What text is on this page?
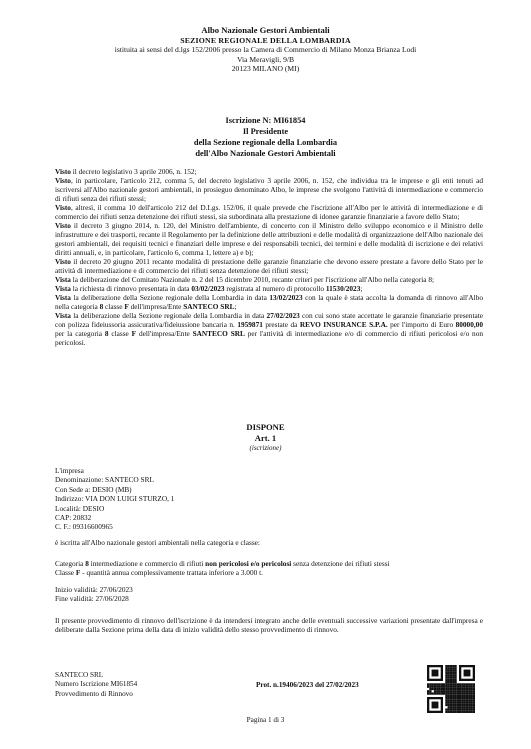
Albo Nazionale Gestori Ambientali
SEZIONE REGIONALE DELLA LOMBARDIA
istituita ai sensi del d.lgs 152/2006 presso la Camera di Commercio di Milano Monza Brianza Lodi
Via Meravigli, 9/B
20123 MILANO (MI)
Iscrizione N: MI61854
Il Presidente
della Sezione regionale della Lombardia
dell'Albo Nazionale Gestori Ambientali

Visto il decreto legislativo 3 aprile 2006, n. 152;

Visto, in particolare, l'articolo 212, comma 5, del decreto legislativo 3 aprile 2006, n. 152, che individua tra le imprese e gli enti tenuti ad iscriversi all'Albo nazionale gestori ambientali, in prosieguo denominato Albo, le imprese che svolgono l'attività di intermediazione e commercio di rifiuti senza dei rifiuti stessi;

Visto, altresì, il comma 10 dell'articolo 212 del D.Lgs. 152/06, il quale prevede che l'iscrizione all'Albo per le attività di intermediazione e di commercio dei rifiuti senza detenzione dei rifiuti stessi, sia subordinata alla prestazione di idonee garanzie finanziarie a favore dello Stato;

Visto il decreto 3 giugno 2014, n. 120, del Ministro dell'ambiente, di concerto con il Ministro dello sviluppo economico e il Ministro delle infrastrutture e dei trasporti, recante il Regolamento per la definizione delle attribuzioni e delle modalità di organizzazione dell'Albo nazionale dei gestori ambientali, dei requisiti tecnici e finanziari delle imprese e dei responsabili tecnici, dei termini e delle modalità di iscrizione e dei relativi diritti annuali, e, in particolare, l'articolo 6, comma 1, lettere a) e b);

Visto il decreto 20 giugno 2011 recante modalità di prestazione delle garanzie finanziarie che devono essere prestate a favore dello Stato per le attività di intermediazione e di commercio dei rifiuti senza detenzione dei rifiuti stessi;

Vista la deliberazione del Comitato Nazionale n. 2 del 15 dicembre 2010, recante criteri per l'iscrizione all'Albo nella categoria 8;

Vista la richiesta di rinnovo presentata in data 03/02/2023 registrata al numero di protocollo 11530/2023;

Vista la deliberazione della Sezione regionale della Lombardia in data 13/02/2023 con la quale è stata accolta la domanda di rinnovo all'Albo nella categoria 8 classe F dell'impresa/Ente SANTECO SRL;

Vista la deliberazione della Sezione regionale della Lombardia in data 27/02/2023 con cui sono state accettate le garanzie finanziarie presentate con polizza fideiussoria assicurativa/fideiussione bancaria n. 1959871 prestate da REVO INSURANCE S.P.A. per l'importo di Euro 80000,00 per la categoria 8 classe F dell'impresa/Ente SANTECO SRL per l'attività di intermediazione e/o di commercio di rifiuti pericolosi e/o non pericolosi.

DISPONE
Art. 1
(iscrizione)

L'impresa

Denominazione: SANTECO SRL

Con Sede a: DESIO (MB)

Indirizzo: VIA DON LUIGI STURZO, 1

Località: DESIO

CAP: 20832

C. F.: 09316600965

è iscritta all'Albo nazionale gestori ambientali nella categoria e classe:

Categoria 8 intermediazione e commercio di rifiuti non pericolosi e/o pericolosi senza detenzione dei rifiuti stessi

Classe F - quantità annua complessivamente trattata inferiore a 3.000 t.

Inizio validità: 27/06/2023

Fine validità: 27/06/2028

Il presente provvedimento di rinnovo dell'iscrizione è da intendersi integrato anche delle eventuali successive variazioni presentate dall'impresa e deliberate dalla Sezione prima della data di inizio validità dello stesso provvedimento di rinnovo.

SANTECO SRL
Numero Iscrizione MI61854
Provvedimento di Rinnovo
Prot. n.19406/2023 del 27/02/2023
Pagina 1 di 3
